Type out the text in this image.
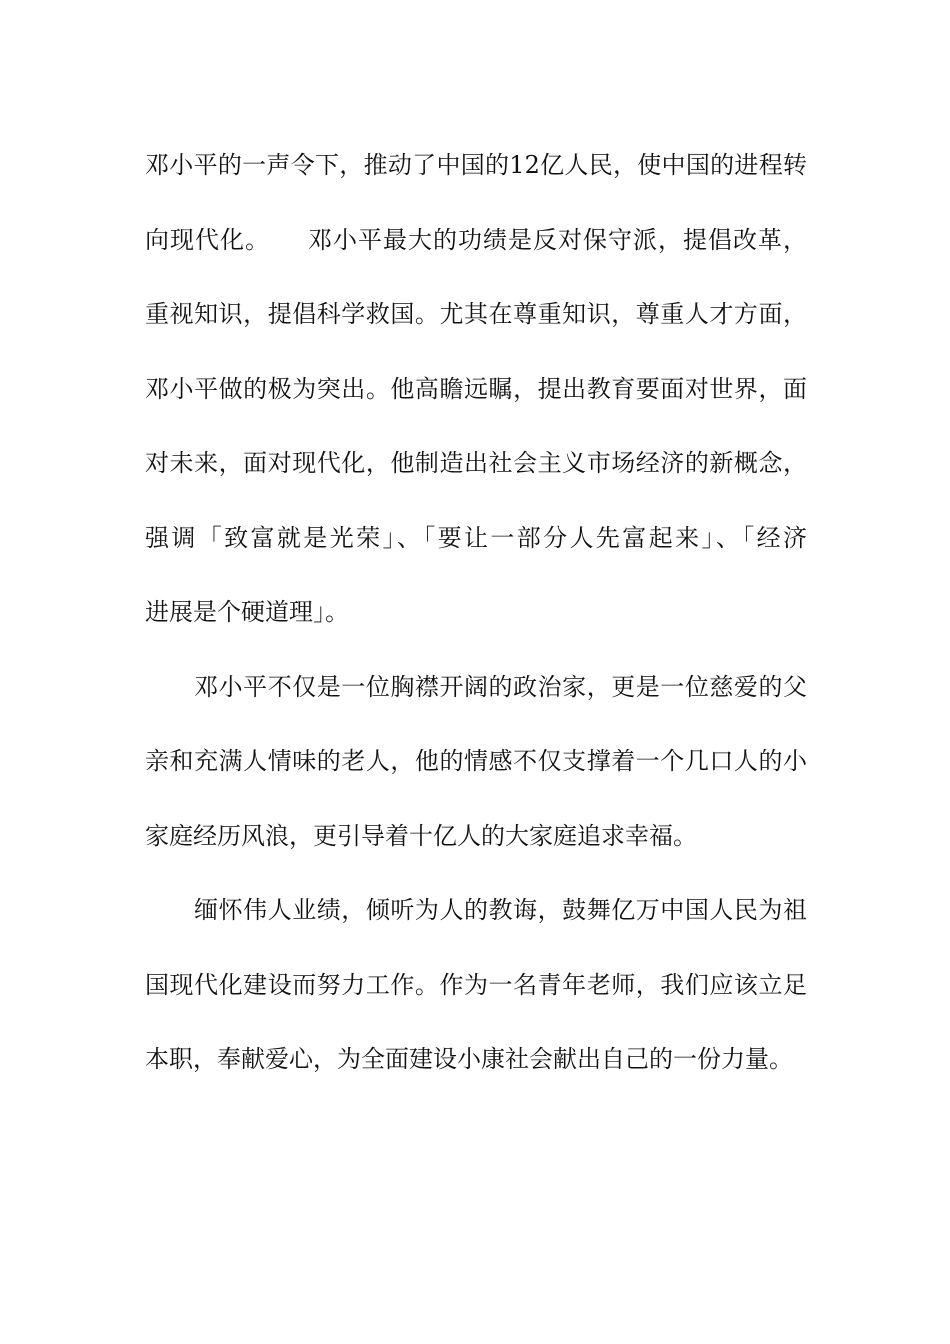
邓小平的一声令下，推动了中国的12亿人民，使中国的进程转
向现代化。　　邓小平最大的功绩是反对保守派，提倡改革，
重视知识，提倡科学救国。尤其在尊重知识，尊重人才方面，
邓小平做的极为突出。他高瞻远瞩，提出教育要面对世界，面
对未来，面对现代化，他制造出社会主义市场经济的新概念，
强调「致富就是光荣」、「要让一部分人先富起来」、「经济
进展是个硬道理」。
　　邓小平不仅是一位胸襟开阔的政治家，更是一位慈爱的父
亲和充满人情味的老人，他的情感不仅支撑着一个几口人的小
家庭经历风浪，更引导着十亿人的大家庭追求幸福。
　　缅怀伟人业绩，倾听为人的教诲，鼓舞亿万中国人民为祖
国现代化建设而努力工作。作为一名青年老师，我们应该立足
本职，奉献爱心，为全面建设小康社会献出自己的一份力量。
